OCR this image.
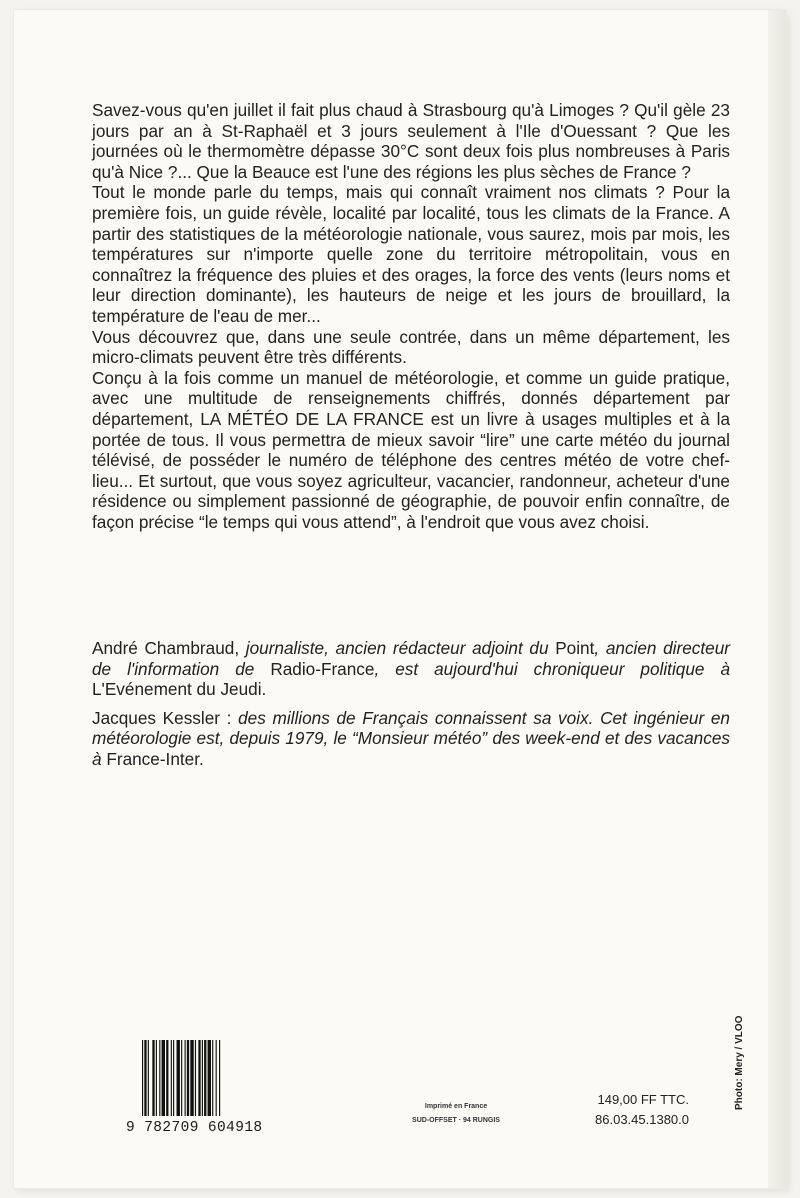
Savez-vous qu'en juillet il fait plus chaud à Strasbourg qu'à Limoges ? Qu'il gèle 23 jours par an à St-Raphaël et 3 jours seulement à l'Ile d'Ouessant ? Que les journées où le thermomètre dépasse 30°C sont deux fois plus nombreuses à Paris qu'à Nice ?... Que la Beauce est l'une des régions les plus sèches de France ?

Tout le monde parle du temps, mais qui connaît vraiment nos climats ? Pour la première fois, un guide révèle, localité par localité, tous les climats de la France. A partir des statistiques de la météorologie nationale, vous saurez, mois par mois, les températures sur n'importe quelle zone du territoire métropolitain, vous en connaîtrez la fréquence des pluies et des orages, la force des vents (leurs noms et leur direction dominante), les hauteurs de neige et les jours de brouillard, la température de l'eau de mer...

Vous découvrez que, dans une seule contrée, dans un même département, les micro-climats peuvent être très différents.

Conçu à la fois comme un manuel de météorologie, et comme un guide pratique, avec une multitude de renseignements chiffrés, donnés département par département, LA MÉTÉO DE LA FRANCE est un livre à usages multiples et à la portée de tous. Il vous permettra de mieux savoir “lire” une carte météo du journal télévisé, de posséder le numéro de téléphone des centres météo de votre chef-lieu... Et surtout, que vous soyez agriculteur, vacancier, randonneur, acheteur d'une résidence ou simplement passionné de géographie, de pouvoir enfin connaître, de façon précise “le temps qui vous attend”, à l'endroit que vous avez choisi.

André Chambraud, journaliste, ancien rédacteur adjoint du Point, ancien directeur de l'information de Radio-France, est aujourd'hui chroniqueur politique à L'Evénement du Jeudi.

Jacques Kessler : des millions de Français connaissent sa voix. Cet ingénieur en météorologie est, depuis 1979, le “Monsieur météo” des week-end et des vacances à France-Inter.

9 782709 604918
Imprimé en France
SUD-OFFSET · 94 RUNGIS
149,00 FF TTC.
86.03.45.1380.0
Photo: Mery / VLOO
